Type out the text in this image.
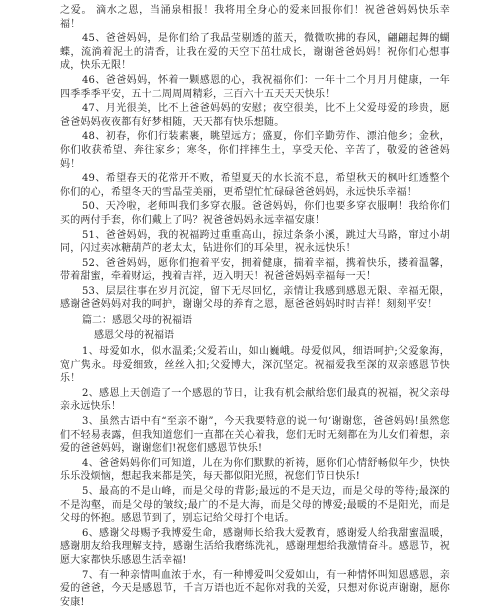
之爱。 滴水之恩，当涌泉相报！我将用全身心的爱来回报你们！祝爸爸妈妈快乐幸福！

45、爸爸妈妈，是你们给了我晶莹剔透的蓝天，微微吹拂的春风，翩翩起舞的蝴蝶，流淌着泥土的清香，让我在爱的天空下茁壮成长，谢谢爸爸妈妈！祝你们心想事成，快乐无限！

46、爸爸妈妈，怀着一颗感恩的心，我祝福你们：一年十二个月月月健康，一年四季季季平安，五十二周周周精彩，三百六十五天天天快乐！

47、月光很美，比不上爸爸妈妈的安慰；夜空很美，比不上父爱母爱的珍贵，愿爸爸妈妈夜夜都有好梦相随，天天都有快乐想随。

48、初春，你们行装素裹，眺望远方；盛夏，你们辛勤劳作、漂泊他乡；金秋，你们收获希望、奔往家乡；寒冬，你们拌摔生土，享受天伦、辛苦了，敬爱的爸爸妈妈！

49、希望春天的花常开不败，希望夏天的水长流不息，希望秋天的枫叶红透整个你们的心，希望冬天的雪晶莹美丽，更希望忙忙碌碌爸爸妈妈，永远快乐幸福！

50、天冷啦，老师叫我们多穿衣服。爸爸妈妈，你们也要多穿衣服啊！我给你们买的两付手套，你们戴上了吗？祝爸爸妈妈永远幸福安康！

51、爸爸妈妈，我的祝福跨过重重高山，掠过条条小溪，跳过大马路，窜过小胡同，闪过卖冰糖葫芦的老太太，钻进你们的耳朵里，祝永远快乐！

52、爸爸妈妈，愿你们抱着平安，拥着健康，揣着幸福，携着快乐，搂着温馨，带着甜蜜，牵着财运，拽着吉祥，迈入明天！祝爸爸妈妈幸福每一天！

53、层层往事在岁月沉淀，留下无尽回忆，亲情让我感到感恩无限、幸福无限，感谢爸爸妈妈对我的呵护，谢谢父母的养育之恩，愿爸爸妈妈时时吉祥！刻刻平安！

篇二：感恩父母的祝福语

感恩父母的祝福语

1、母爱如水，似水温柔;父爱若山，如山巍峨。母爱似风，细语呵护;父爱象海，宽广隽永。母爱细致，丝丝入扣;父爱博大，深沉坚定。祝福爱我至深的双亲感恩节快乐！

2、感恩上天创造了一个感恩的节日，让我有机会献给您们最真的祝福，祝父亲母亲永远快乐！

3、虽然古语中有“至亲不谢”，今天我要特意的说一句‘谢谢您，爸爸妈妈!虽然您们不轻易表露，但我知道您们一直都在关心着我，您们无时无刻都在为儿女们着想，亲爱的爸爸妈妈，谢谢您们!祝您们感恩节快乐!

4、爸爸妈妈你们可知道，儿在为你们默默的祈祷，愿你们心情舒畅似年少，快快乐乐没烦恼，想起我来都是笑，每天都似阳光照，祝您们节日快乐!

5、最高的不是山峰，而是父母的背影;最远的不是天边，而是父母的等待;最深的不是沟壑，而是父母的皱纹;最广的不是大海，而是父母的博爱;最暖的不是阳光，而是父母的怀抱。感恩节到了，别忘记给父母打个电话。

6、感谢父母赐予我博爱生命，感谢师长给我大爱教育，感谢爱人给我甜蜜温暖，感谢朋友给我理解支持，感谢生活给我磨练洗礼，感谢理想给我激情奋斗。感恩节，祝愿大家都快乐感恩生活幸福!

7、有一种亲情叫血浓于水，有一种博爱叫父爱如山，有一种情怀叫知恩感恩，亲爱的爸爸，今天是感恩节，千言万语也近不起你对我的关爱，只想对你说声谢谢，愿你安康!
